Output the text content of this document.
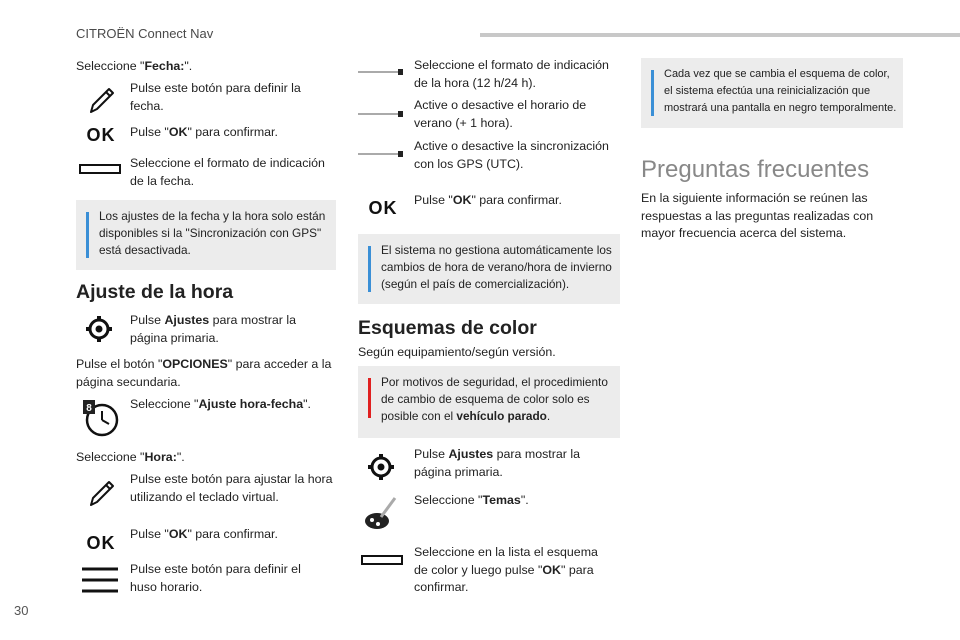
CITROËN Connect Nav
30
Seleccione "Fecha:".
Pulse este botón para definir la fecha.
OK	Pulse "OK" para confirmar.
Seleccione el formato de indicación de la fecha.
Los ajustes de la fecha y la hora solo están disponibles si la "Sincronización con GPS" está desactivada.
Ajuste de la hora
Pulse Ajustes para mostrar la página primaria.
Pulse el botón "OPCIONES" para acceder a la página secundaria.
8	Seleccione "Ajuste hora-fecha".
Seleccione "Hora:".
Pulse este botón para ajustar la hora utilizando el teclado virtual.
OK	Pulse "OK" para confirmar.
Pulse este botón para definir el huso horario.
Seleccione el formato de indicación de la hora (12 h/24 h).
Active o desactive el horario de verano (+ 1 hora).
Active o desactive la sincronización con los GPS (UTC).
OK	Pulse "OK" para confirmar.
El sistema no gestiona automáticamente los cambios de hora de verano/hora de invierno (según el país de comercialización).
Esquemas de color
Según equipamiento/según versión.
Por motivos de seguridad, el procedimiento de cambio de esquema de color solo es posible con el vehículo parado.
Pulse Ajustes para mostrar la página primaria.
Seleccione "Temas".
Seleccione en la lista el esquema de color y luego pulse "OK" para confirmar.
Cada vez que se cambia el esquema de color, el sistema efectúa una reinicialización que mostrará una pantalla en negro temporalmente.
Preguntas frecuentes
En la siguiente información se reúnen las respuestas a las preguntas realizadas con mayor frecuencia acerca del sistema.
